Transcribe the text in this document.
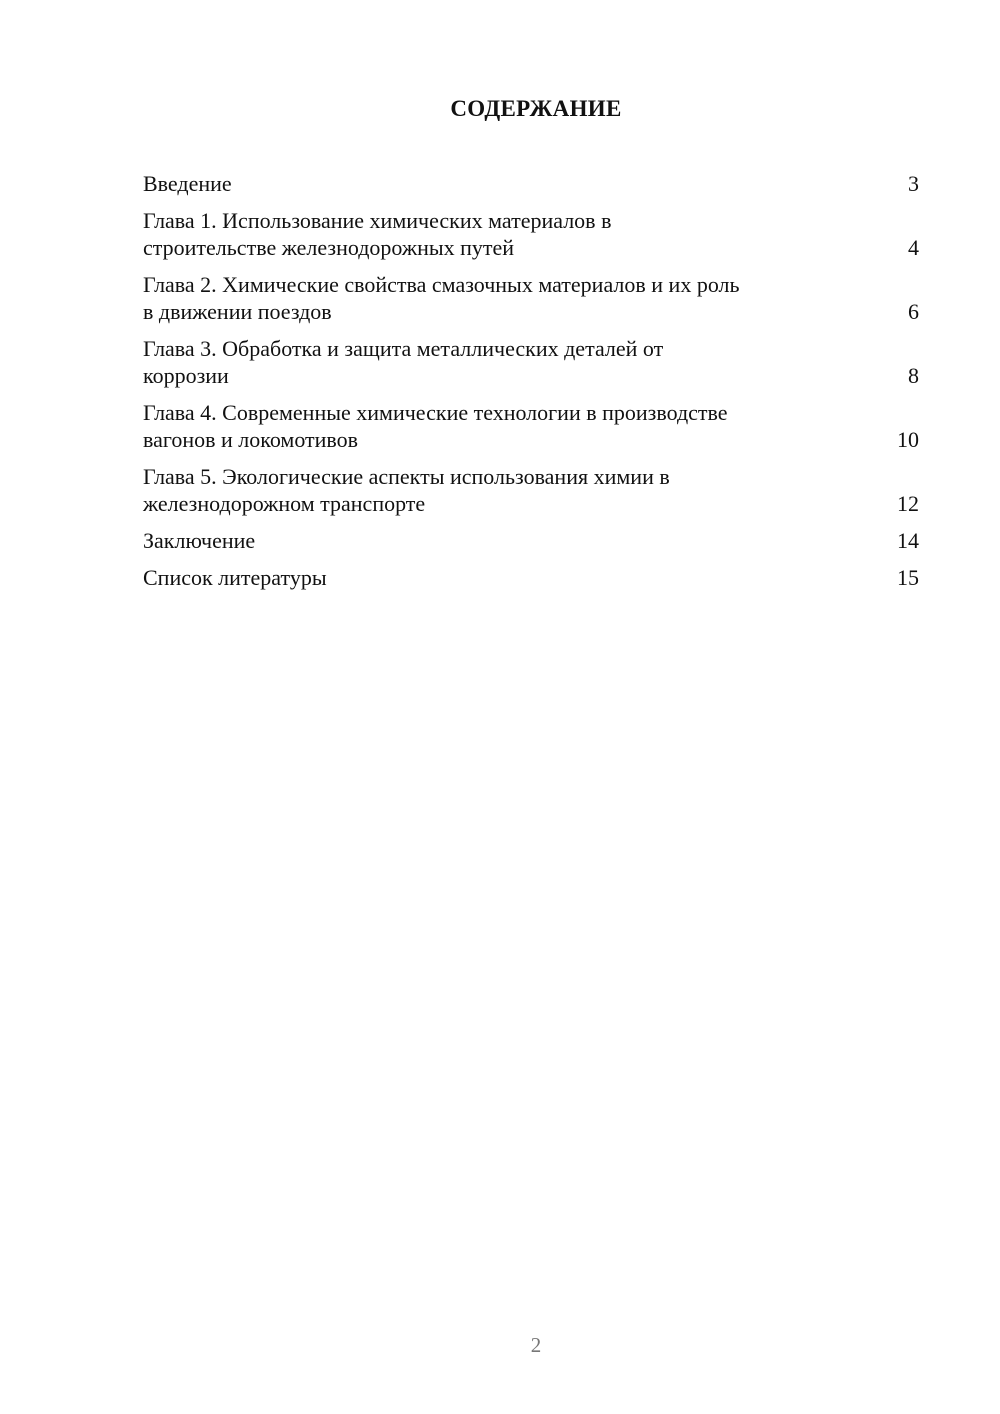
СОДЕРЖАНИЕ
Введение	3
Глава 1. Использование химических материалов в
строительстве железнодорожных путей	4
Глава 2. Химические свойства смазочных материалов и их роль
в движении поездов	6
Глава 3. Обработка и защита металлических деталей от
коррозии	8
Глава 4. Современные химические технологии в производстве
вагонов и локомотивов	10
Глава 5. Экологические аспекты использования химии в
железнодорожном транспорте	12
Заключение	14
Список литературы	15
2
